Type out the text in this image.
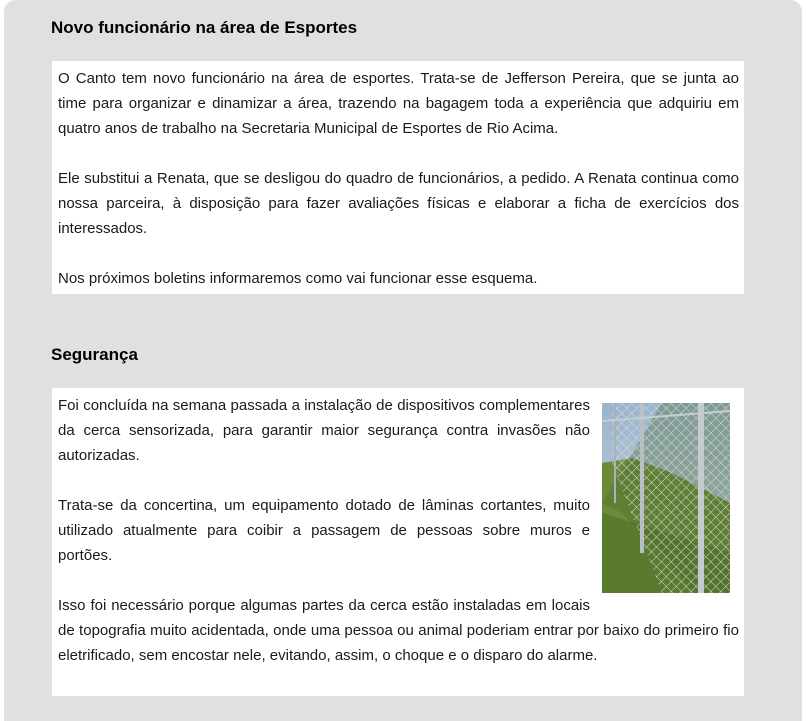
Novo funcionário na área de Esportes

O Canto tem novo funcionário na área de esportes. Trata-se de Jefferson Pereira, que se junta ao time para organizar e dinamizar a área, trazendo na bagagem toda a experiência que adquiriu em quatro anos de trabalho na Secretaria Municipal de Esportes de Rio Acima.

Ele substitui a Renata, que se desligou do quadro de funcionários, a pedido. A Renata continua como nossa parceira, à disposição para fazer avaliações físicas e elaborar a ficha de exercícios dos interessados.

Nos próximos boletins informaremos como vai funcionar esse esquema.

Segurança

Foi concluída na semana passada a instalação de dispositivos complementares da cerca sensorizada, para garantir maior segurança contra invasões não autorizadas.

Trata-se da concertina, um equipamento dotado de lâminas cortantes, muito utilizado atualmente para coibir a passagem de pessoas sobre muros e portões.

Isso foi necessário porque algumas partes da cerca estão instaladas em locais de topografia muito acidentada, onde uma pessoa ou animal poderiam entrar por baixo do primeiro fio eletrificado, sem encostar nele, evitando, assim, o choque e o disparo do alarme.
